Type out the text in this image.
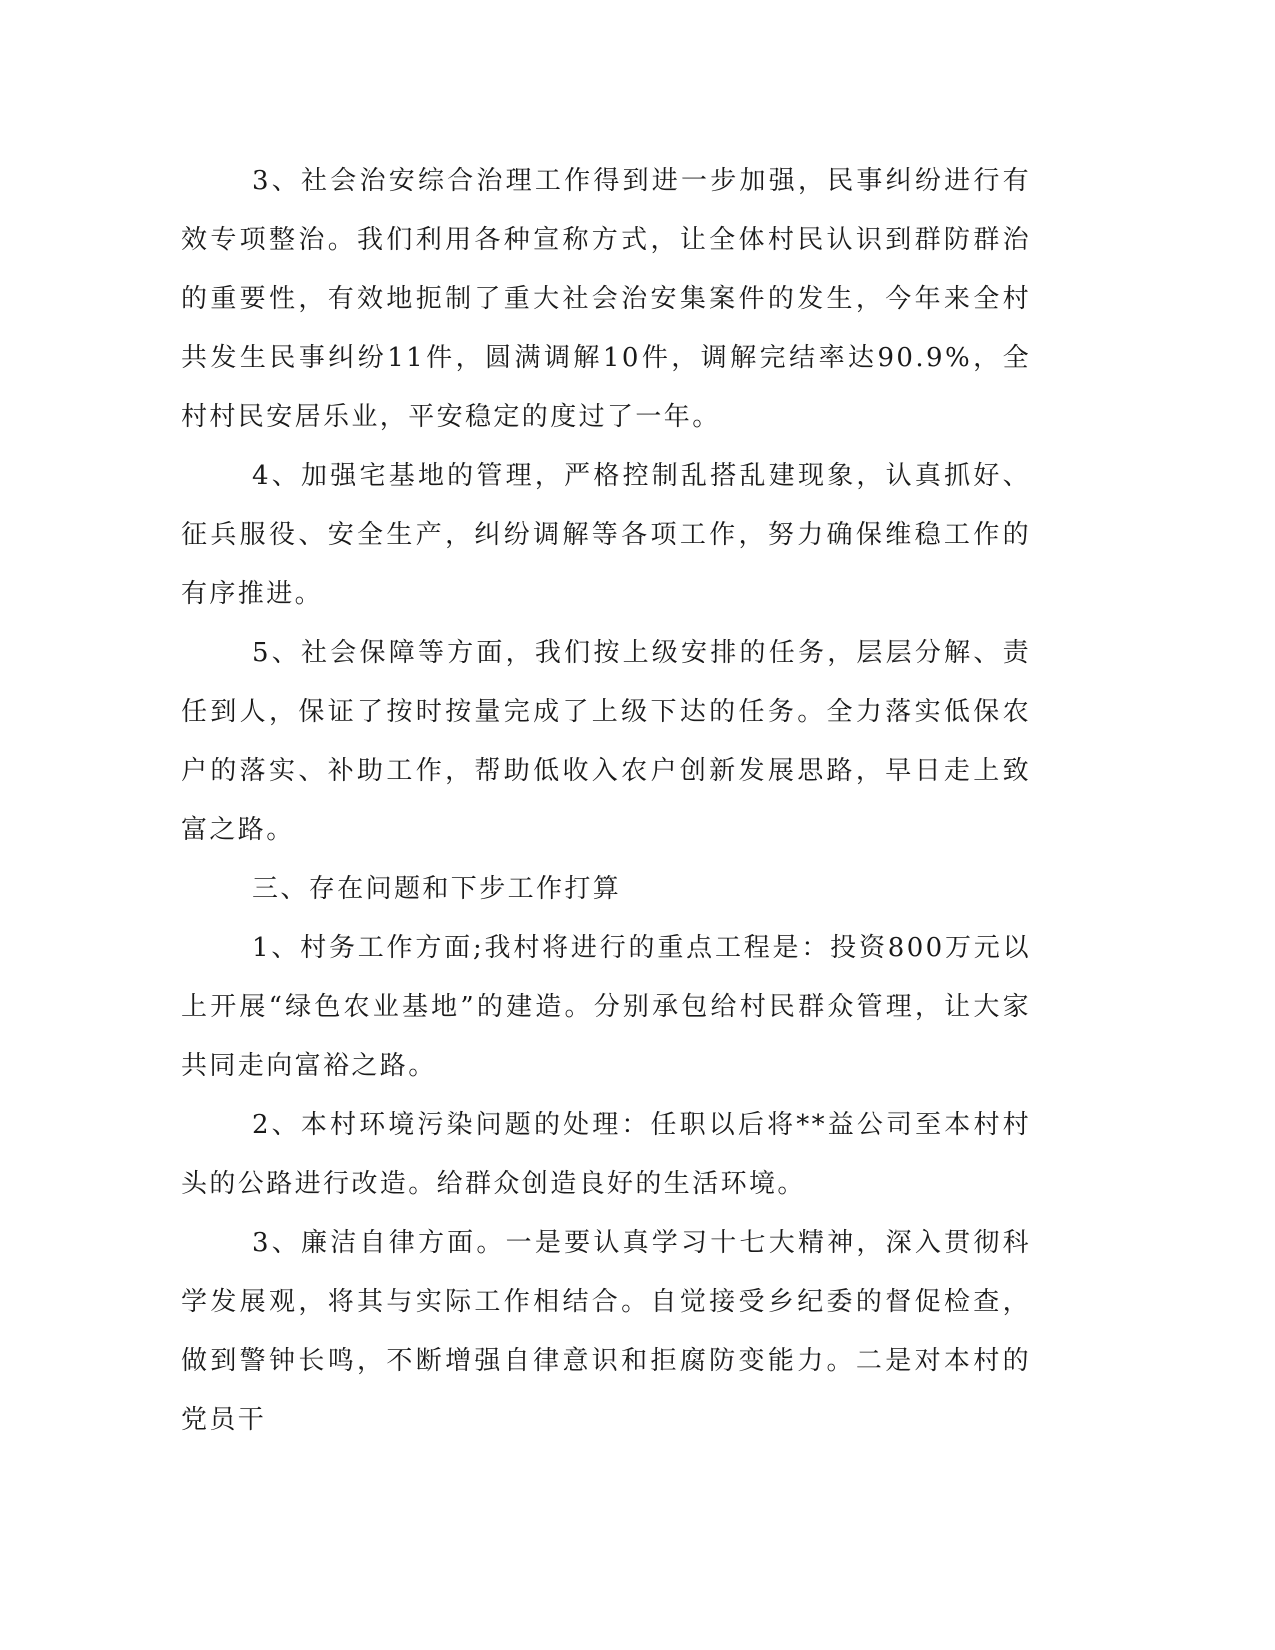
3、社会治安综合治理工作得到进一步加强，民事纠纷进行有效专项整治。我们利用各种宣称方式，让全体村民认识到群防群治的重要性，有效地扼制了重大社会治安集案件的发生，今年来全村共发生民事纠纷11件，圆满调解10件，调解完结率达90.9%，全村村民安居乐业，平安稳定的度过了一年。

4、加强宅基地的管理，严格控制乱搭乱建现象，认真抓好、征兵服役、安全生产，纠纷调解等各项工作，努力确保维稳工作的有序推进。

5、社会保障等方面，我们按上级安排的任务，层层分解、责任到人，保证了按时按量完成了上级下达的任务。全力落实低保农户的落实、补助工作，帮助低收入农户创新发展思路，早日走上致富之路。

三、存在问题和下步工作打算

1、村务工作方面;我村将进行的重点工程是：投资800万元以上开展“绿色农业基地”的建造。分别承包给村民群众管理，让大家共同走向富裕之路。

2、本村环境污染问题的处理：任职以后将**益公司至本村村头的公路进行改造。给群众创造良好的生活环境。

3、廉洁自律方面。一是要认真学习十七大精神，深入贯彻科学发展观，将其与实际工作相结合。自觉接受乡纪委的督促检查，做到警钟长鸣，不断增强自律意识和拒腐防变能力。二是对本村的党员干
